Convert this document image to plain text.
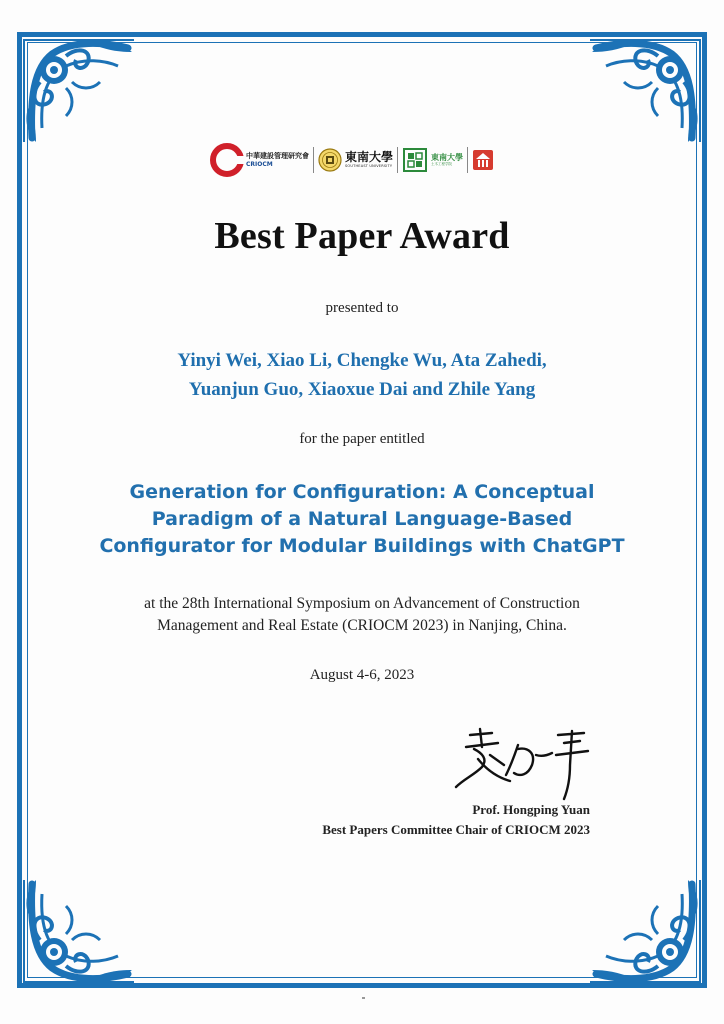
中華建設管理研究會
CRIOCM	東南大學
SOUTHEAST UNIVERSITY
東南大學
土木工程学院
Best Paper Award

presented to

Yinyi Wei, Xiao Li, Chengke Wu, Ata Zahedi,
Yuanjun Guo, Xiaoxue Dai and Zhile Yang

for the paper entitled

Generation for Configuration: A Conceptual
Paradigm of a Natural Language-Based
Configurator for Modular Buildings with ChatGPT

at the 28th International Symposium on Advancement of Construction
Management and Real Estate (CRIOCM 2023) in Nanjing, China.

August 4-6, 2023

Prof. Hongping Yuan

Best Papers Committee Chair of CRIOCM 2023
